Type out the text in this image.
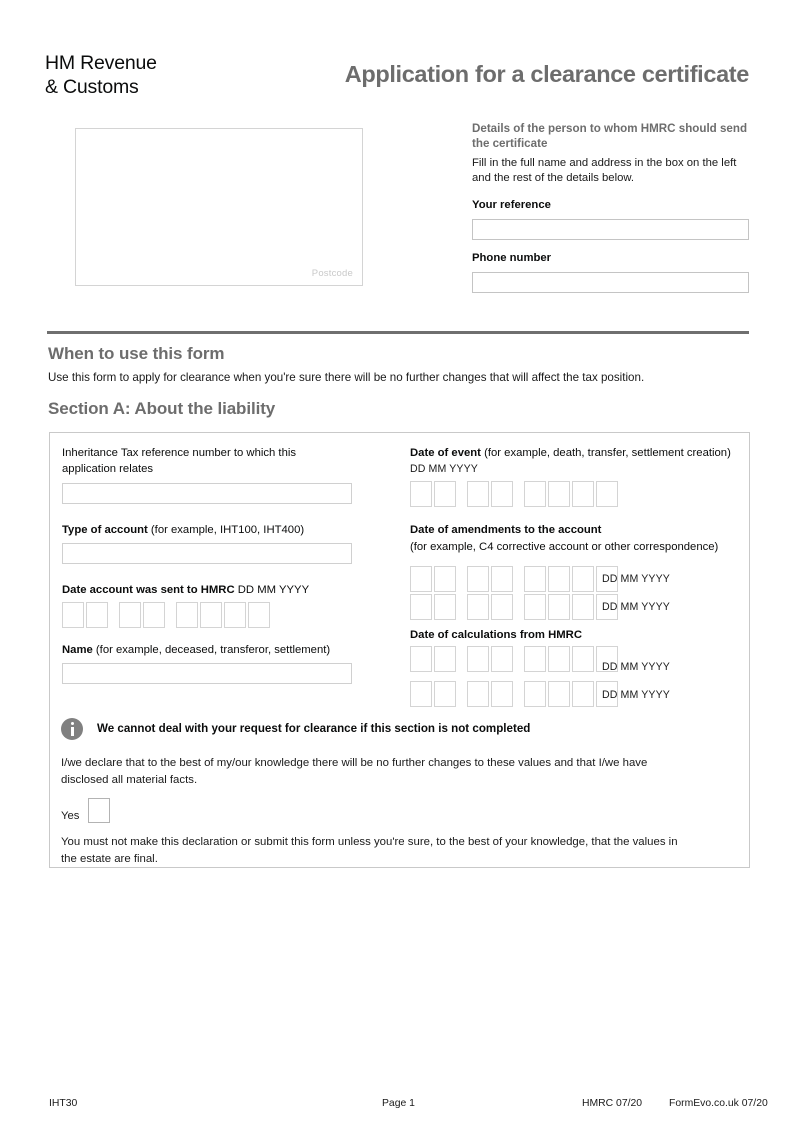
HM Revenue
& Customs	Application for a clearance certificate
Postcode
Details of the person to whom HMRC should send the certificate
Fill in the full name and address in the box on the left and the rest of the details below.
Your reference
Phone number
When to use this form
Use this form to apply for clearance when you're sure there will be no further changes that will affect the tax position.
Section A: About the liability
Inheritance Tax reference number to which this application relates
Type of account (for example, IHT100, IHT400)
Date account was sent to HMRC DD MM YYYY
Name (for example, deceased, transferor, settlement)
Date of event (for example, death, transfer, settlement creation)
DD MM YYYY
Date of amendments to the account
(for example, C4 corrective account or other correspondence)
DD MM YYYY
DD MM YYYY
Date of calculations from HMRC
DD MM YYYY
DD MM YYYY
We cannot deal with your request for clearance if this section is not completed
I/we declare that to the best of my/our knowledge there will be no further changes to these values and that I/we have disclosed all material facts.
Yes
You must not make this declaration or submit this form unless you're sure, to the best of your knowledge, that the values in the estate are final.
IHT30	Page 1	HMRC 07/20	FormEvo.co.uk 07/20
